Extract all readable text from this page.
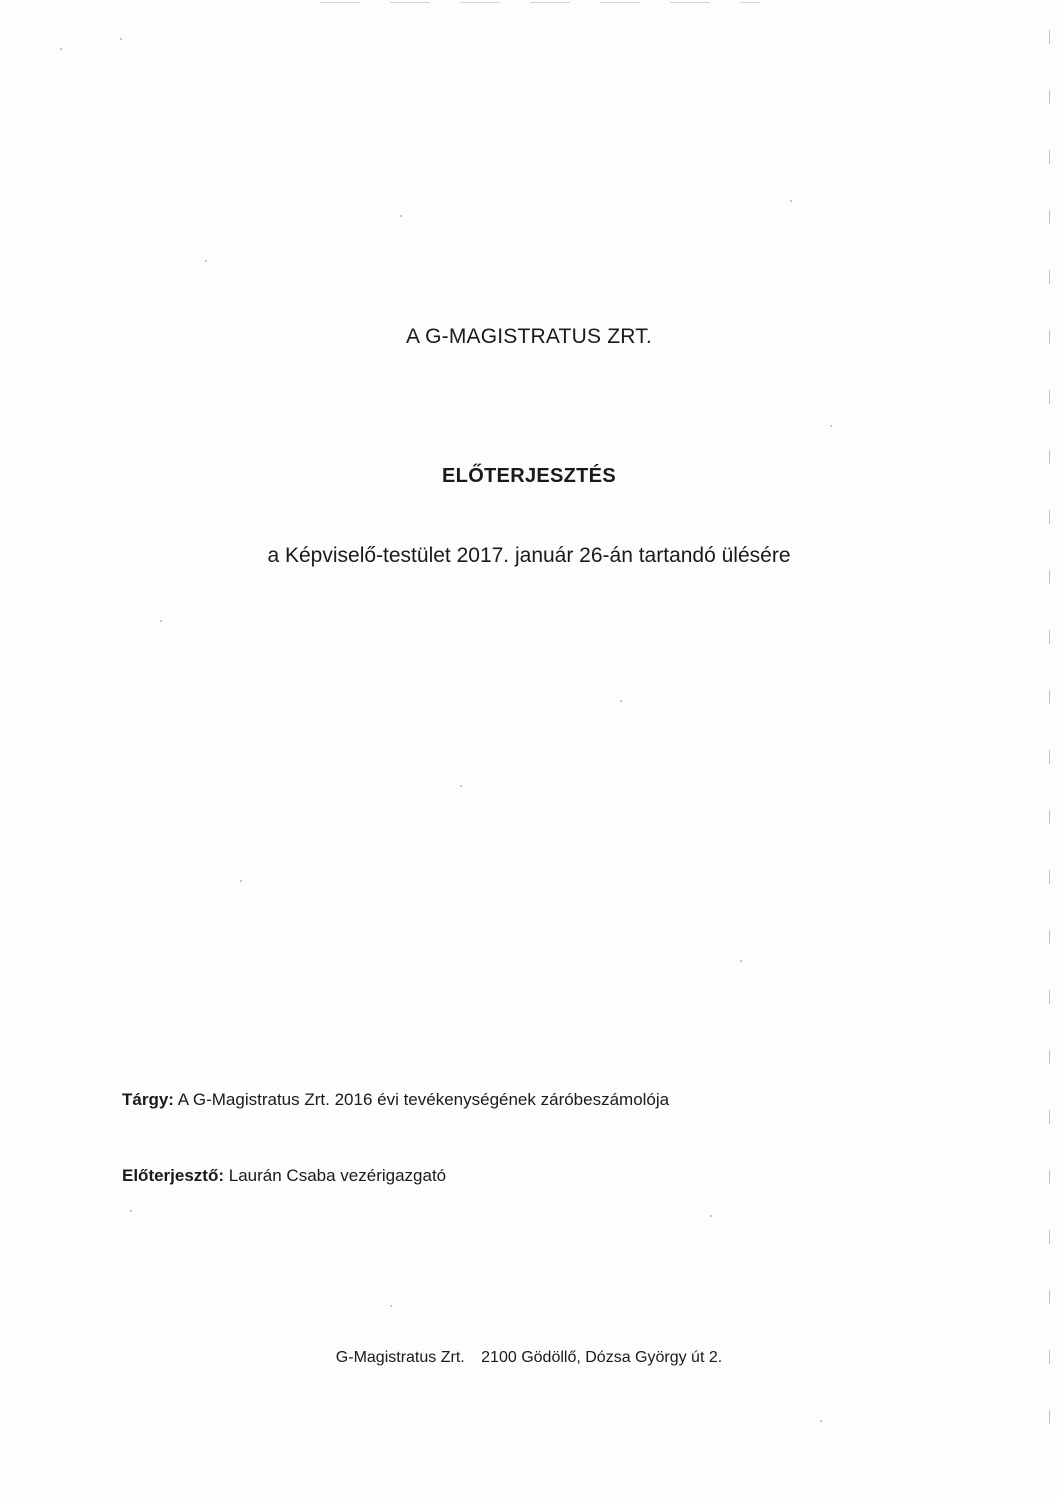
A G-MAGISTRATUS ZRT.
ELŐTERJESZTÉS
a Képviselő-testület 2017. január 26-án tartandó ülésére
Tárgy: A G-Magistratus Zrt. 2016 évi tevékenységének záróbeszámolója
Előterjesztő: Laurán Csaba vezérigazgató
G-Magistratus Zrt. 2100 Gödöllő, Dózsa György út 2.
